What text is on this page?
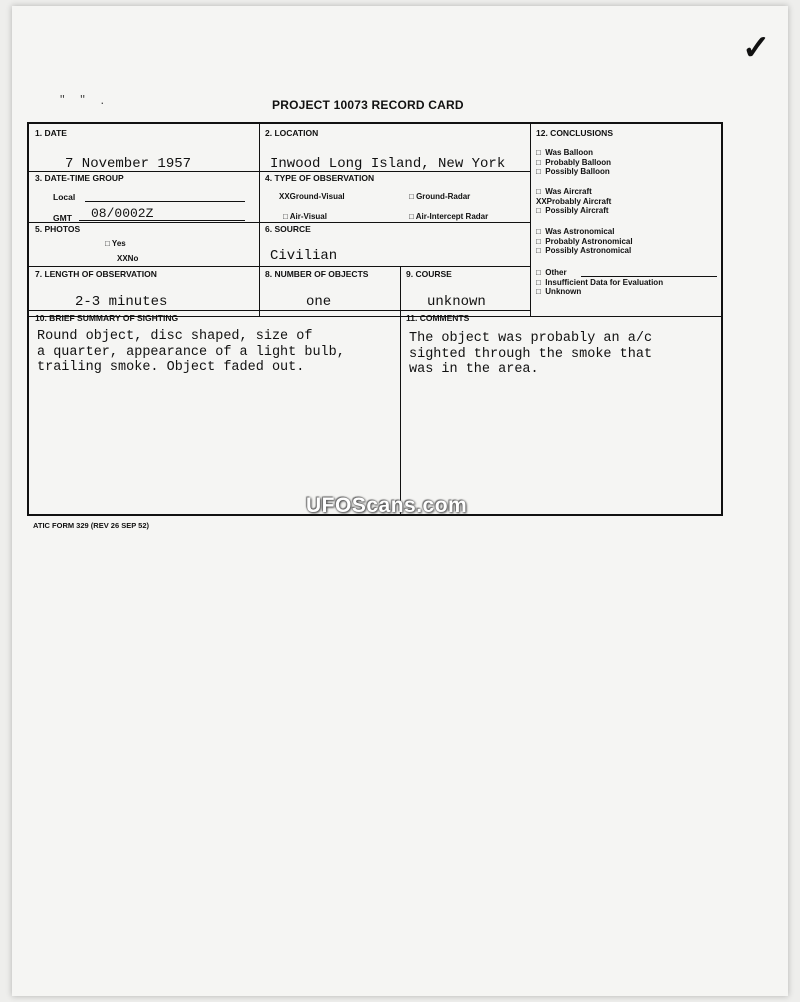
✓
" " .	PROJECT 10073 RECORD CARD

1. DATE
7 November 1957
2. LOCATION
Inwood Long Island, New York
3. DATE-TIME GROUP
Local
GMT 08/0002Z
4. TYPE OF OBSERVATION
XXGround-Visual	□ Ground-Radar
□ Air-Visual	□ Air-Intercept Radar
5. PHOTOS
□ Yes
XXNo
6. SOURCE
Civilian
7. LENGTH OF OBSERVATION
2-3 minutes
8. NUMBER OF OBJECTS
one
9. COURSE
unknown
10. BRIEF SUMMARY OF SIGHTING
Round object, disc shaped, size of
a quarter, appearance of a light bulb,
trailing smoke. Object faded out.
11. COMMENTS
The object was probably an a/c
sighted through the smoke that
was in the area.
12. CONCLUSIONS
□  Was Balloon
□  Probably Balloon
□  Possibly Balloon
□  Was Aircraft
XXProbably Aircraft
□  Possibly Aircraft
□  Was Astronomical
□  Probably Astronomical
□  Possibly Astronomical
□  Other
□  Insufficient Data for Evaluation
□  Unknown
UFOScans.com
ATIC FORM 329 (REV 26 SEP 52)
